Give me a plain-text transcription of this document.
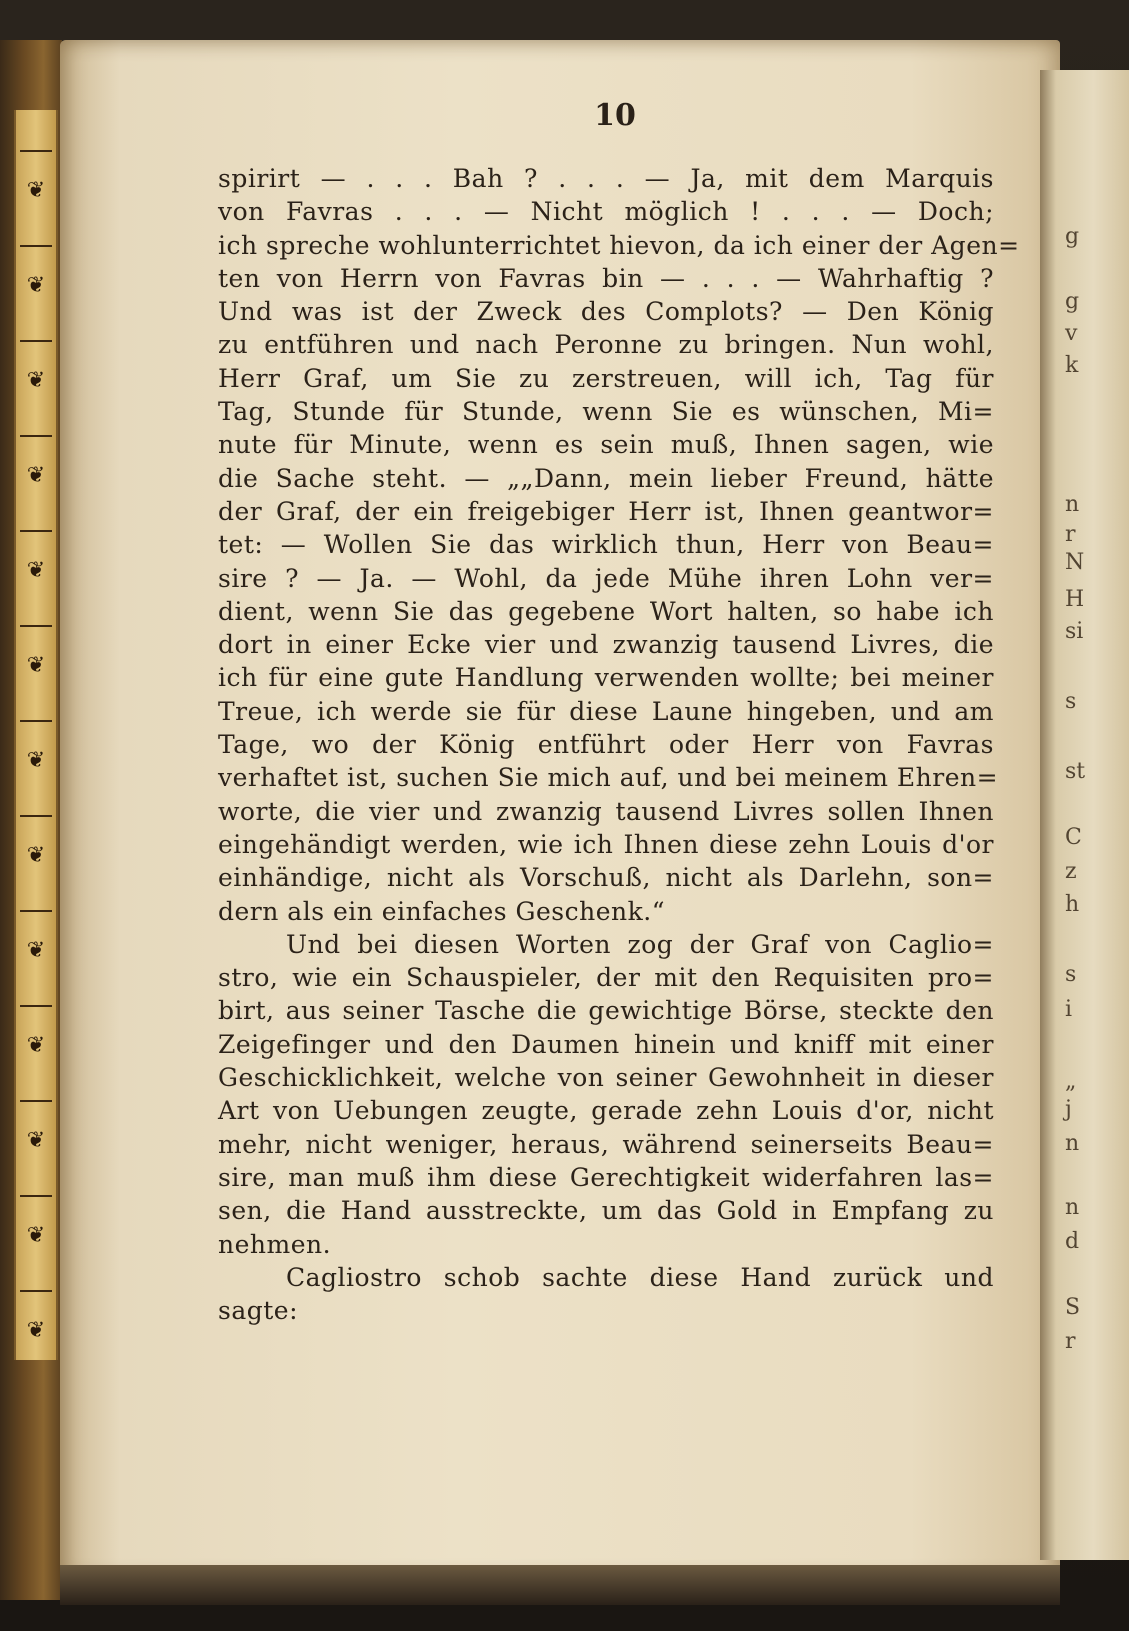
❦
❦
❦
❦
❦
❦
❦
❦
❦
❦
❦
❦
❦
g
g
v
k
n
r
N
H
si
s
st
C
z
h
s
i
„
j
n
n
d
S
r
10
spirirt — . . . Bah ? . . . — Ja, mit dem Marquis
von Favras . . . — Nicht möglich ! . . . — Doch;
ich spreche wohlunterrichtet hievon, da ich einer der Agen=
ten von Herrn von Favras bin — . . . — Wahrhaftig ?
Und was ist der Zweck des Complots? — Den König
zu entführen und nach Peronne zu bringen. Nun wohl,
Herr Graf, um Sie zu zerstreuen, will ich, Tag für
Tag, Stunde für Stunde, wenn Sie es wünschen, Mi=
nute für Minute, wenn es sein muß, Ihnen sagen, wie
die Sache steht. — „„Dann, mein lieber Freund, hätte
der Graf, der ein freigebiger Herr ist, Ihnen geantwor=
tet: — Wollen Sie das wirklich thun, Herr von Beau=
sire ? — Ja. — Wohl, da jede Mühe ihren Lohn ver=
dient, wenn Sie das gegebene Wort halten, so habe ich
dort in einer Ecke vier und zwanzig tausend Livres, die
ich für eine gute Handlung verwenden wollte; bei meiner
Treue, ich werde sie für diese Laune hingeben, und am
Tage, wo der König entführt oder Herr von Favras
verhaftet ist, suchen Sie mich auf, und bei meinem Ehren=
worte, die vier und zwanzig tausend Livres sollen Ihnen
eingehändigt werden, wie ich Ihnen diese zehn Louis d'or
einhändige, nicht als Vorschuß, nicht als Darlehn, son=
dern als ein einfaches Geschenk.“
Und bei diesen Worten zog der Graf von Caglio=
stro, wie ein Schauspieler, der mit den Requisiten pro=
birt, aus seiner Tasche die gewichtige Börse, steckte den
Zeigefinger und den Daumen hinein und kniff mit einer
Geschicklichkeit, welche von seiner Gewohnheit in dieser
Art von Uebungen zeugte, gerade zehn Louis d'or, nicht
mehr, nicht weniger, heraus, während seinerseits Beau=
sire, man muß ihm diese Gerechtigkeit widerfahren las=
sen, die Hand ausstreckte, um das Gold in Empfang zu
nehmen.
Cagliostro schob sachte diese Hand zurück und
sagte:
